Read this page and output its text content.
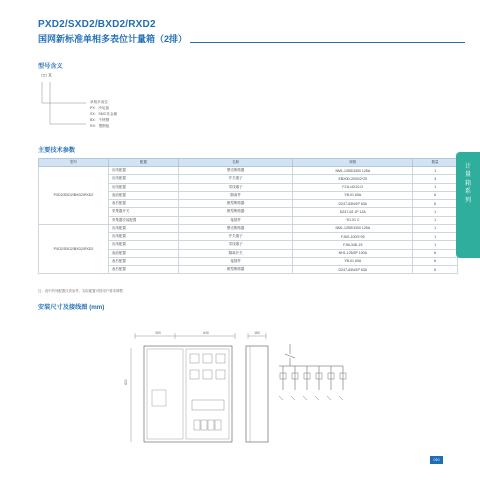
PXD2/SXD2/BXD2/RXD2
国网新标准单相多表位计量箱（2排）
型号含义
□□ X
单相多表位
PX：冷轧板
SX：SMC非金属
BX：不锈钢
RX：塑钢板
主要技术参数
型号	配置	名称	规格	数量
PXD2/SXD2/BXD2/RXD2	出线配置	塑壳断路器	NM1-125S/3300 125A	1
	出线配置	并关端子	EBX0D-2000/2*25	3
	出线配置	零线端子	FJ1L/4X10-G	1
	表前配置	隔离件	YB-01 60A	6
	表后配置	微型断路器	DZ47-63N/1P 63A	6
	采集器开关	微型断路器	DZ47-63 1P 12A	1
	采集器安装配置	接插件	YD-01 C	1
PXD2/SXD2/BXD2/RXD2	出线配置	塑壳断路器	NM1-125S/3300 125A	1
	出线配置	并关端子	FJ6G-100/2*25	1
	出线配置	零线端子	FJ6L34D-15	1
	表前配置	隔离开关	NH1-125/3P 100A	6
	表后配置	接插件	YB-01 60A	6
	表后配置	微型断路器	DZ47-63N/1P 63A	6
注：表中所列配置仅供参考，实际配置可按用户要求调整
安装尺寸及接线图 (mm)
300	640	180
830
计量箱系列
010
